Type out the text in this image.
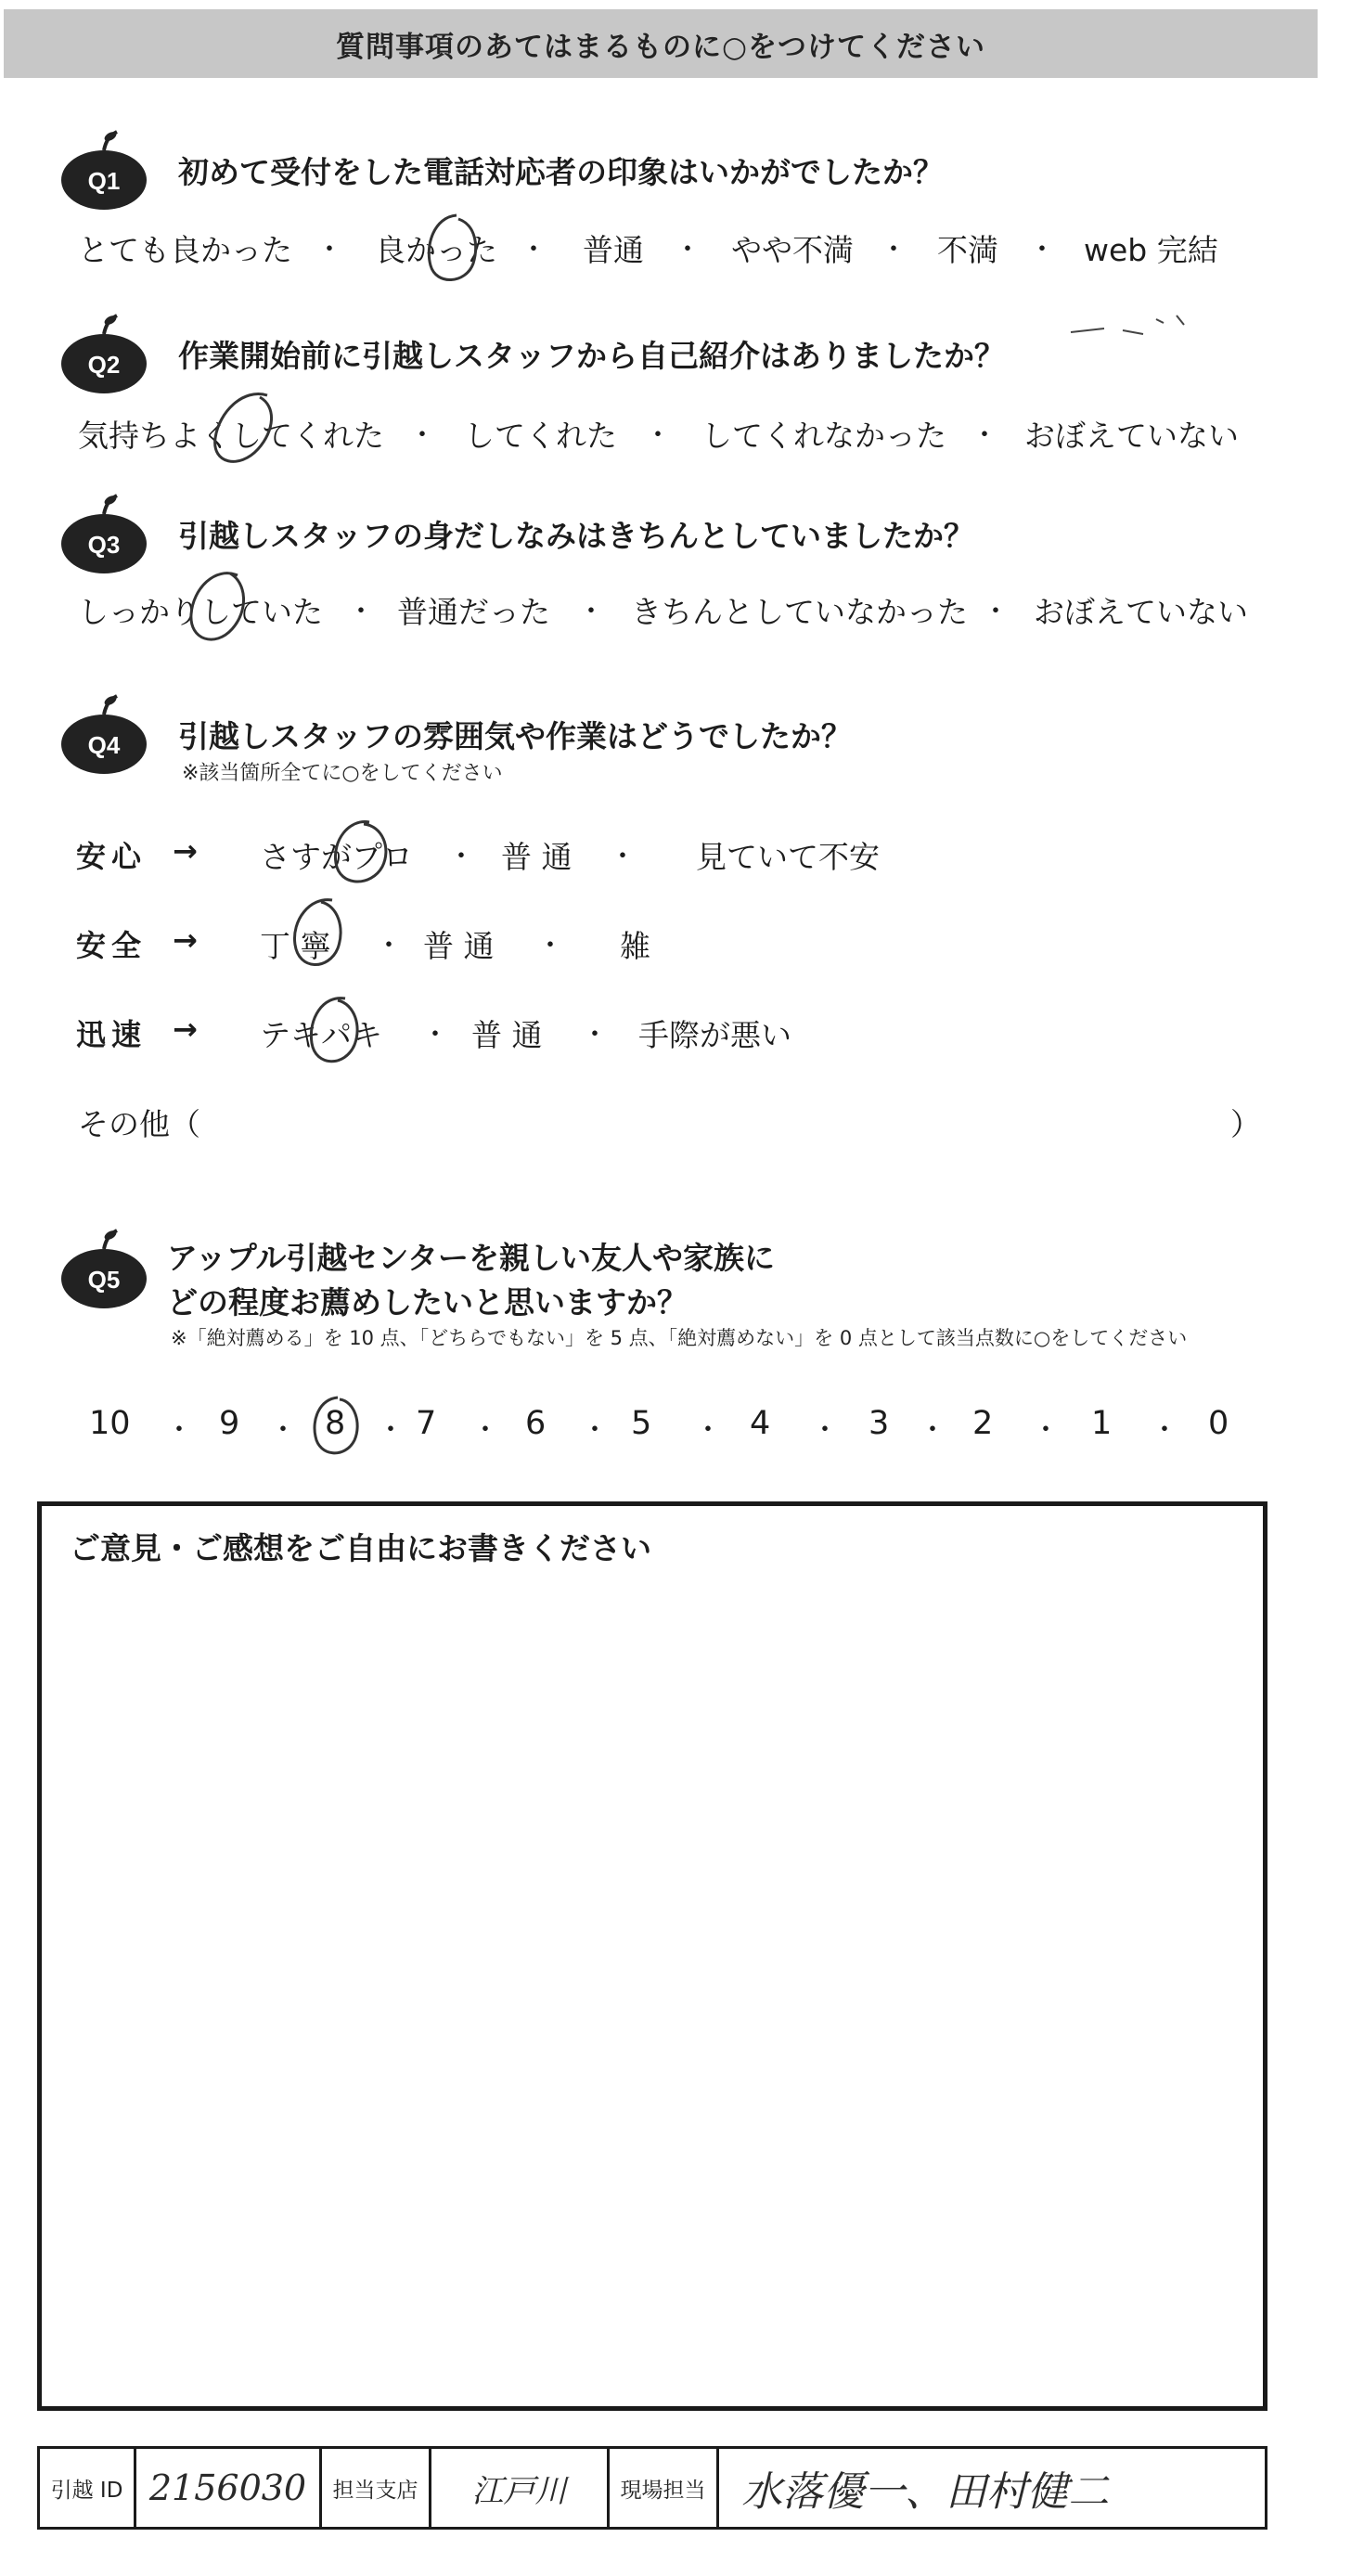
質問事項のあてはまるものに○をつけてください
Q1 初めて受付をした電話対応者の印象はいかがでしたか？
とても良かった ・ 良かった ・ 普通 ・ やや不満 ・ 不満 ・ web 完結
Q2 作業開始前に引越しスタッフから自己紹介はありましたか？
気持ちよくしてくれた ・ してくれた ・ してくれなかった ・ おぼえていない
Q3 引越しスタッフの身だしなみはきちんとしていましたか？
しっかりしていた ・ 普通だった ・ きちんとしていなかった ・ おぼえていない
Q4 引越しスタッフの雰囲気や作業はどうでしたか？
※該当箇所全てに○をしてください
安心 → さすがプロ ・ 普 通 ・ 見ていて不安
安全 → 丁 寧 ・ 普 通 ・ 雑
迅速 → テキパキ ・ 普 通 ・ 手際が悪い
その他（	）
Q5
アップル引越センターを親しい友人や家族に
どの程度お薦めしたいと思いますか？
※「絶対薦める」を 10 点、「どちらでもない」を 5 点、「絶対薦めない」を 0 点として該当点数に○をしてください
10 ・ 9 ・ 8 ・ 7 ・ 6 ・ 5 ・ 4 ・ 3 ・ 2 ・ 1 ・ 0
ご意見・ご感想をご自由にお書きください
引越 ID 2156030 担当支店 江戸川	現場担当 水落優一、田村健二
